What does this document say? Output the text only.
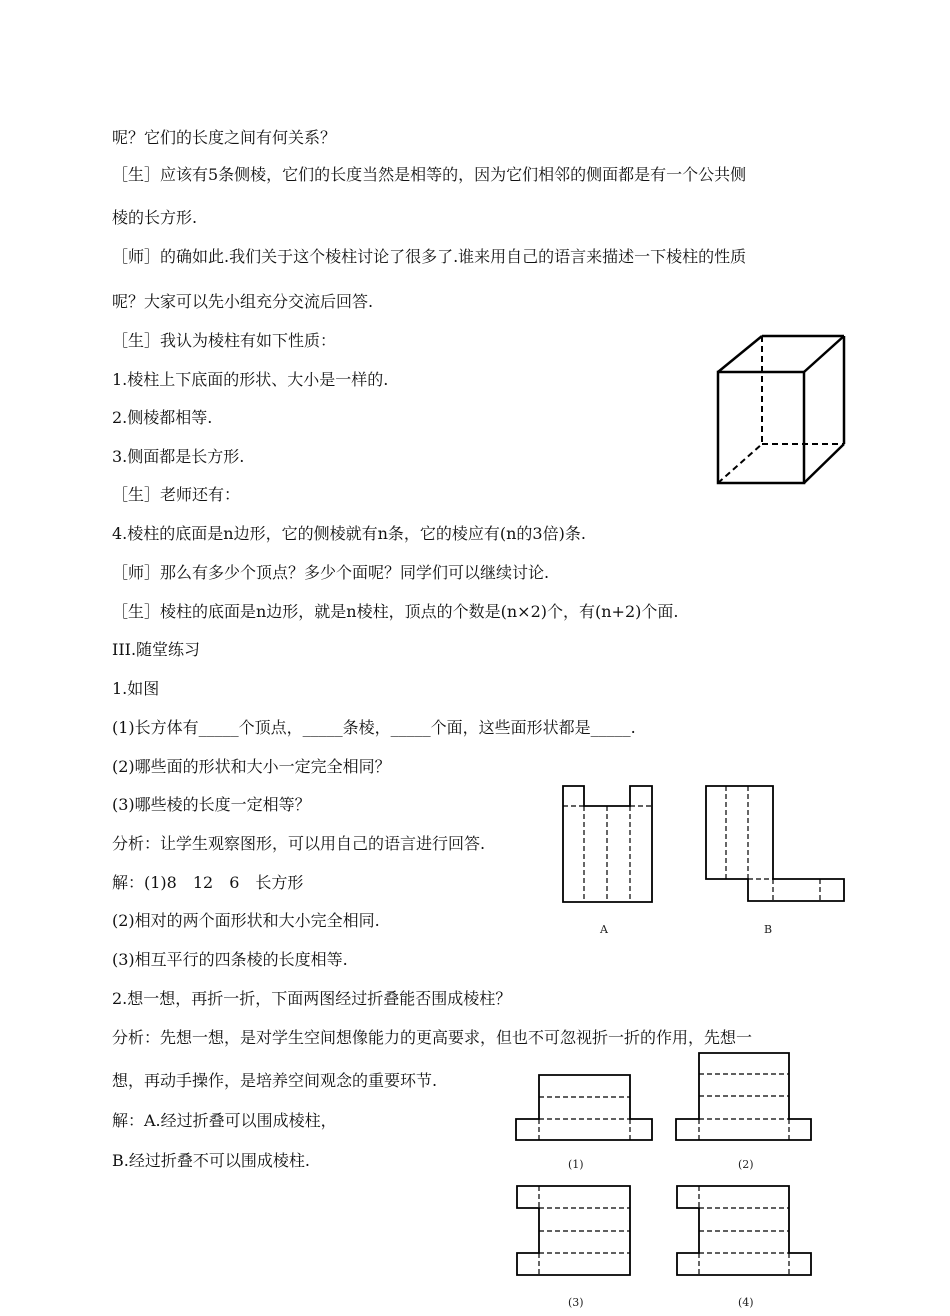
呢？它们的长度之间有何关系？
［生］应该有5条侧棱，它们的长度当然是相等的，因为它们相邻的侧面都是有一个公共侧
棱的长方形.
［师］的确如此.我们关于这个棱柱讨论了很多了.谁来用自己的语言来描述一下棱柱的性质
呢？大家可以先小组充分交流后回答.
［生］我认为棱柱有如下性质：
1.棱柱上下底面的形状、大小是一样的.
2.侧棱都相等.
3.侧面都是长方形.
［生］老师还有：
4.棱柱的底面是n边形，它的侧棱就有n条，它的棱应有(n的3倍)条.
［师］那么有多少个顶点？多少个面呢？同学们可以继续讨论.
［生］棱柱的底面是n边形，就是n棱柱，顶点的个数是(n×2)个，有(n+2)个面.
III.随堂练习
1.如图
(1)长方体有_____个顶点，_____条棱，_____个面，这些面形状都是_____.
(2)哪些面的形状和大小一定完全相同？
(3)哪些棱的长度一定相等？
分析：让学生观察图形，可以用自己的语言进行回答.
解：(1)8　12　6　长方形
(2)相对的两个面形状和大小完全相同.
(3)相互平行的四条棱的长度相等.
2.想一想，再折一折，下面两图经过折叠能否围成棱柱？
分析：先想一想，是对学生空间想像能力的更高要求，但也不可忽视折一折的作用，先想一
想，再动手操作，是培养空间观念的重要环节.
解：A.经过折叠可以围成棱柱，
B.经过折叠不可以围成棱柱.
A	B
(1)	(2)
(3)	(4)
